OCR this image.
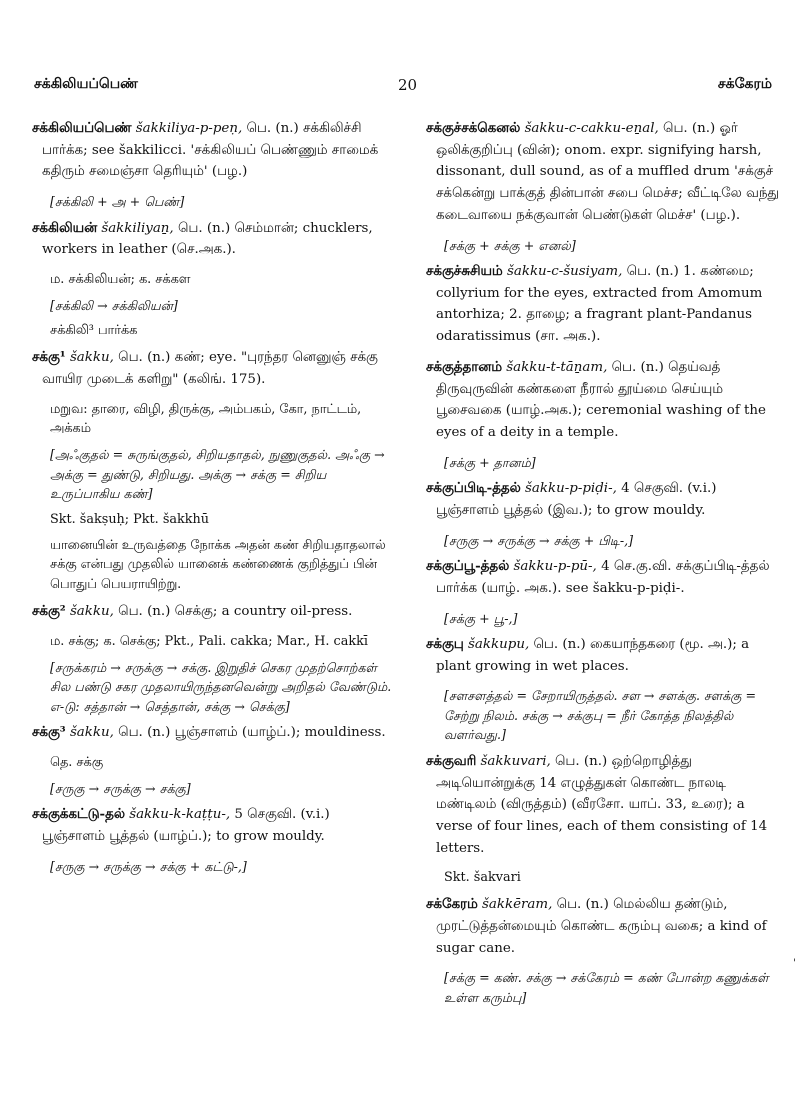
சக்கிலியப்பெண்	20	சக்கேரம்
சக்கிலியப்பெண் šakkiliya-p-peṇ, பெ. (n.) சக்கிலிச்சி பார்க்க; see šakkilicci. 'சக்கிலியப் பெண்ணும் சாமைக் கதிரும் சமைஞ்சா தெரியும்' (பழ.)
[சக்கிலி + அ + பெண்]
சக்கிலியன் šakkiliyaṉ, பெ. (n.) செம்மான்; chucklers, workers in leather (செ.அக.).
ம. சக்கிலியன்; க. சக்கள
[சக்கிலி → சக்கிலியன்]
சக்கிலி³ பார்க்க
சக்கு¹ šakku, பெ. (n.) கண்; eye. "புரந்தர னெனுஞ் சக்கு வாயிர முடைக் களிறு" (கலிங். 175).
மறுவ: தாரை, விழி, திருக்கு, அம்பகம், கோ, நாட்டம், அக்கம்
[அஃகுதல் = சுருங்குதல், சிறியதாதல், நுணுகுதல். அஃகு → அக்கு = துண்டு, சிறியது. அக்கு → சக்கு = சிறிய உருப்பாகிய கண்]
Skt. šakṣuḥ; Pkt. šakkhū
யானையின் உருவத்தை நோக்க அதன் கண் சிறியதாதலால் சக்கு என்பது முதலில் யானைக் கண்ணைக் குறித்துப் பின் பொதுப் பெயராயிற்று.
சக்கு² šakku, பெ. (n.) செக்கு; a country oil-press.
ம. சக்கு; க. செக்கு; Pkt., Pali. cakka; Mar., H. cakkī
[சருக்கரம் → சருக்கு → சக்கு. இறுதிச் செகர முதற்சொற்கள் சில பண்டு சகர முதலாயிருந்தனவென்று அறிதல் வேண்டும். எ-டு: சத்தான் → செத்தான், சக்கு → செக்கு]
சக்கு³ šakku, பெ. (n.) பூஞ்சாளம் (யாழ்ப்.); mouldiness.
தெ. சக்கு
[சருகு → சருக்கு → சக்கு]
சக்குக்கட்டு-தல் šakku-k-kaṭṭu-, 5 செகுவி. (v.i.) பூஞ்சாளம் பூத்தல் (யாழ்ப்.); to grow mouldy.
[சருகு → சருக்கு → சக்கு + கட்டு-,]
சக்குச்சக்கெனல் šakku-c-cakku-eṉal, பெ. (n.) ஓர் ஒலிக்குறிப்பு (வின்); onom. expr. signifying harsh, dissonant, dull sound, as of a muffled drum 'சக்குச் சக்கென்று பாக்குத் தின்பான் சபை மெச்ச; வீட்டிலே வந்து கடைவாயை நக்குவான் பெண்டுகள் மெச்ச' (பழ.).
[சக்கு + சக்கு + எனல்]
சக்குச்சுசியம் šakku-c-šusiyam, பெ. (n.) 1. கண்மை; collyrium for the eyes, extracted from Amomum antorhiza; 2. தாழை; a fragrant plant-Pandanus odaratissimus (சா. அக.).
சக்குத்தானம் šakku-t-tāṉam, பெ. (n.) தெய்வத் திருவுருவின் கண்களை நீரால் தூய்மை செய்யும் பூசைவகை (யாழ்.அக.); ceremonial washing of the eyes of a deity in a temple.
[சக்கு + தானம்]
சக்குப்பிடி-த்தல் šakku-p-piḍi-, 4 செகுவி. (v.i.) பூஞ்சாளம் பூத்தல் (இவ.); to grow mouldy.
[சருகு → சருக்கு → சக்கு + பிடி-,]
சக்குப்பூ-த்தல் šakku-p-pū-, 4 செ.கு.வி. சக்குப்பிடி-த்தல் பார்க்க (யாழ். அக.). see šakku-p-piḍi-.
[சக்கு + பூ-,]
சக்குபு šakkupu, பெ. (n.) கையாந்தகரை (மூ. அ.); a plant growing in wet places.
[சளசளத்தல் = சேறாயிருத்தல். சள → சளக்கு. சளக்கு = சேற்று நிலம். சக்கு → சக்குபு = நீர் கோத்த நிலத்தில் வளர்வது.]
சக்குவரி šakkuvari, பெ. (n.) ஒற்றொழித்து அடியொன்றுக்கு 14 எழுத்துகள் கொண்ட நாலடி மண்டிலம் (விருத்தம்) (வீரசோ. யாப். 33, உரை); a verse of four lines, each of them consisting of 14 letters.
Skt. šakvari
சக்கேரம் šakkēram, பெ. (n.) மெல்லிய தண்டும், முரட்டுத்தன்மையும் கொண்ட கரும்பு வகை; a kind of sugar cane.
[சக்கு = கண். சக்கு → சக்கேரம் = கண் போன்ற கணுக்கள் உள்ள கரும்பு]
'
